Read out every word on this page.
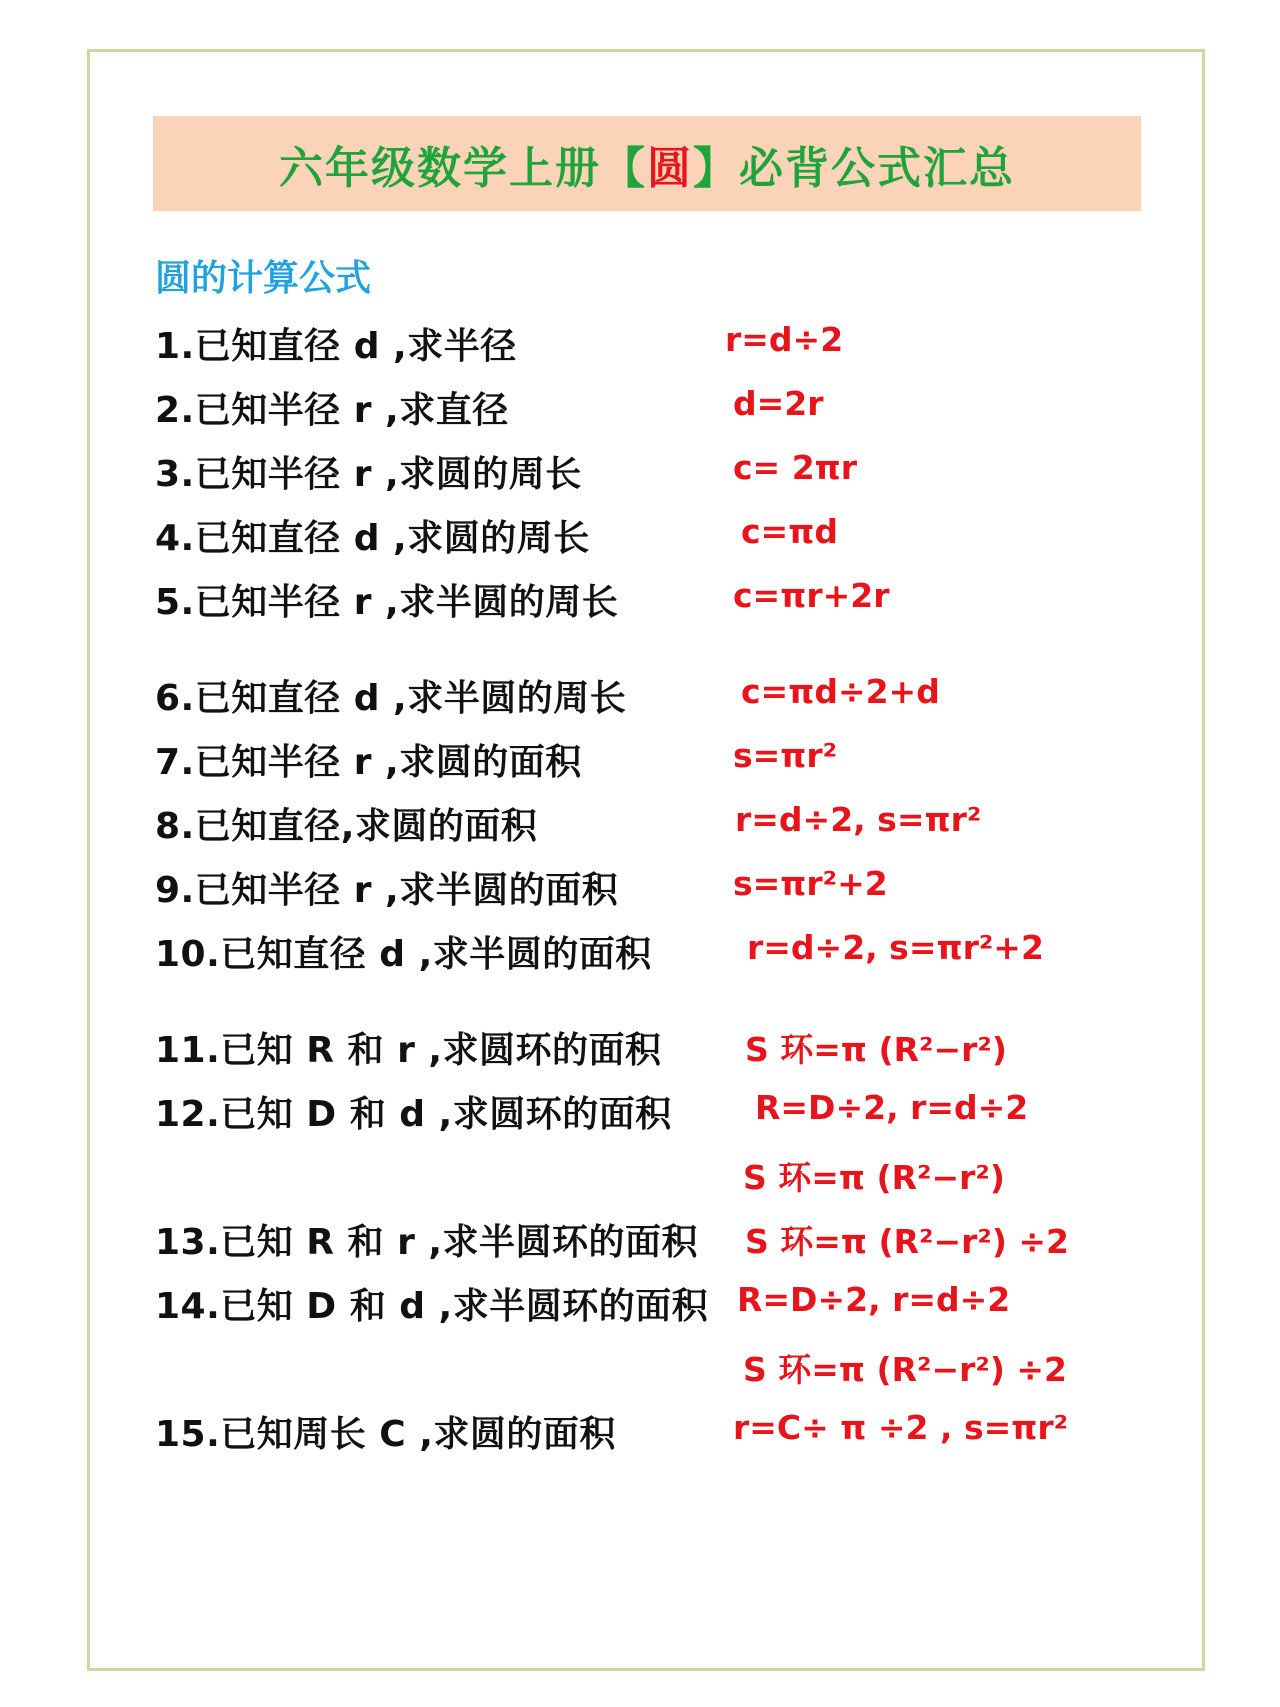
六年级数学上册【 圆 】必背公式汇总
圆的计算公式
1.已知直径 d ,求半径	r=d÷2
2.已知半径 r ,求直径	d=2r
3.已知半径 r ,求圆的周长	c= 2πr
4.已知直径 d ,求圆的周长	c=πd
5.已知半径 r ,求半圆的周长	c=πr+2r
6.已知直径 d ,求半圆的周长	c=πd÷2+d
7.已知半径 r ,求圆的面积	s=πr²
8.已知直径,求圆的面积	r=d÷2, s=πr²
9.已知半径 r ,求半圆的面积	s=πr²+2
10.已知直径 d ,求半圆的面积	r=d÷2, s=πr²+2
11.已知 R 和 r ,求圆环的面积	S 环=π (R²−r²)
12.已知 D 和 d ,求圆环的面积	R=D÷2, r=d÷2
S 环=π (R²−r²)
13.已知 R 和 r ,求半圆环的面积 S 环=π (R²−r²) ÷2
14.已知 D 和 d ,求半圆环的面积 R=D÷2, r=d÷2
S 环=π (R²−r²) ÷2
15.已知周长 C ,求圆的面积	r=C÷ π ÷2 , s=πr²
